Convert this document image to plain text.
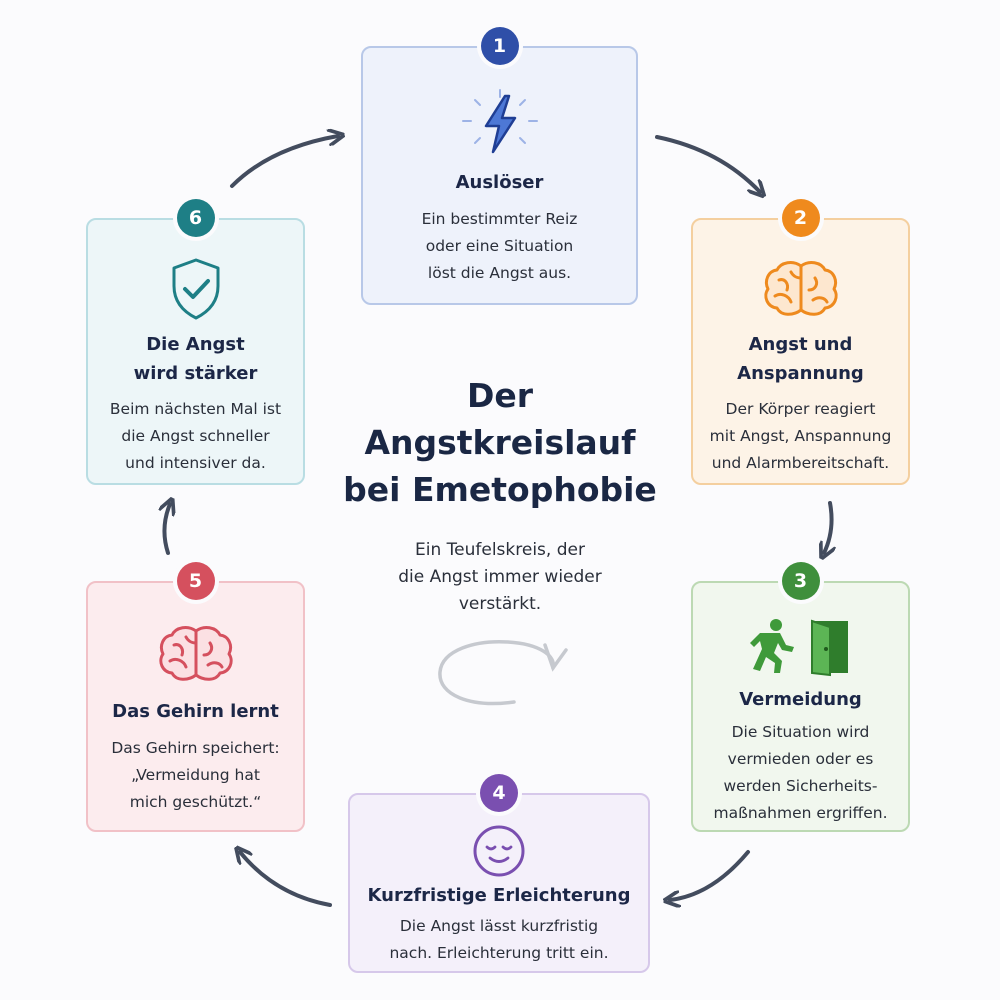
1
Auslöser
Ein bestimmter Reiz
oder eine Situation
löst die Angst aus.
2
Angst und
Anspannung
Der Körper reagiert
mit Angst, Anspannung
und Alarmbereitschaft.
3
Vermeidung
Die Situation wird
vermieden oder es
werden Sicherheits-
maßnahmen ergriffen.
4
Kurzfristige Erleichterung
Die Angst lässt kurzfristig
nach. Erleichterung tritt ein.
5
Das Gehirn lernt
Das Gehirn speichert:
„Vermeidung hat
mich geschützt.“
6
Die Angst
wird stärker
Beim nächsten Mal ist
die Angst schneller
und intensiver da.
Der
Angstkreislauf
bei Emetophobie
Ein Teufelskreis, der
die Angst immer wieder
verstärkt.
